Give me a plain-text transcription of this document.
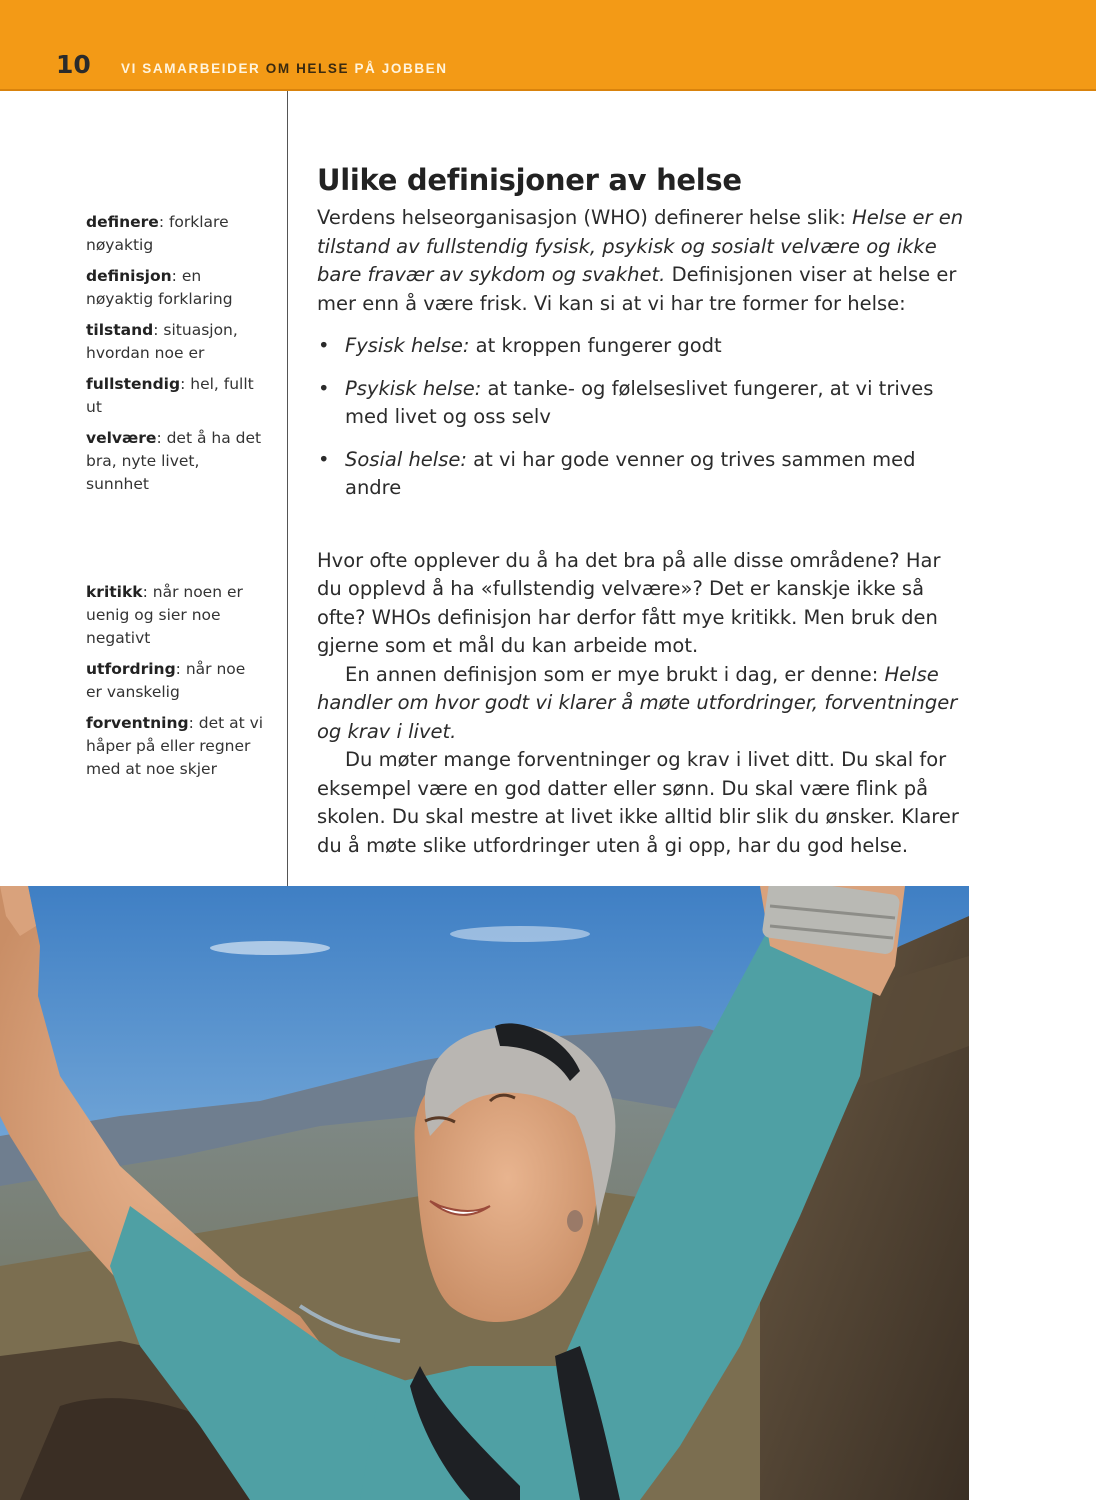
10 VI SAMARBEIDER OM HELSE PÅ JOBBEN
definere: forklare nøyaktig
definisjon: en nøyaktig forklaring
tilstand: situasjon, hvordan noe er
fullstendig: hel, fullt ut
velvære: det å ha det bra, nyte livet, sunnhet
kritikk: når noen er uenig og sier noe negativt
utfordring: når noe er vanskelig
forventning: det at vi håper på eller regner med at noe skjer
Ulike definisjoner av helse

Verdens helseorganisasjon (WHO) definerer helse slik: Helse er en tilstand av fullstendig fysisk, psykisk og sosialt velvære og ikke bare fravær av sykdom og svakhet. Definisjonen viser at helse er mer enn å være frisk. Vi kan si at vi har tre former for helse:

• Fysisk helse: at kroppen fungerer godt
• Psykisk helse: at tanke- og følelseslivet fungerer, at vi trives med livet og oss selv
• Sosial helse: at vi har gode venner og trives sammen med andre

Hvor ofte opplever du å ha det bra på alle disse områdene? Har du opplevd å ha «fullstendig velvære»? Det er kanskje ikke så ofte? WHOs definisjon har derfor fått mye kritikk. Men bruk den gjerne som et mål du kan arbeide mot.

En annen definisjon som er mye brukt i dag, er denne: Helse handler om hvor godt vi klarer å møte utfordringer, forventninger og krav i livet.

Du møter mange forventninger og krav i livet ditt. Du skal for eksempel være en god datter eller sønn. Du skal være flink på skolen. Du skal mestre at livet ikke alltid blir slik du ønsker. Klarer du å møte slike utfordringer uten å gi opp, har du god helse.
